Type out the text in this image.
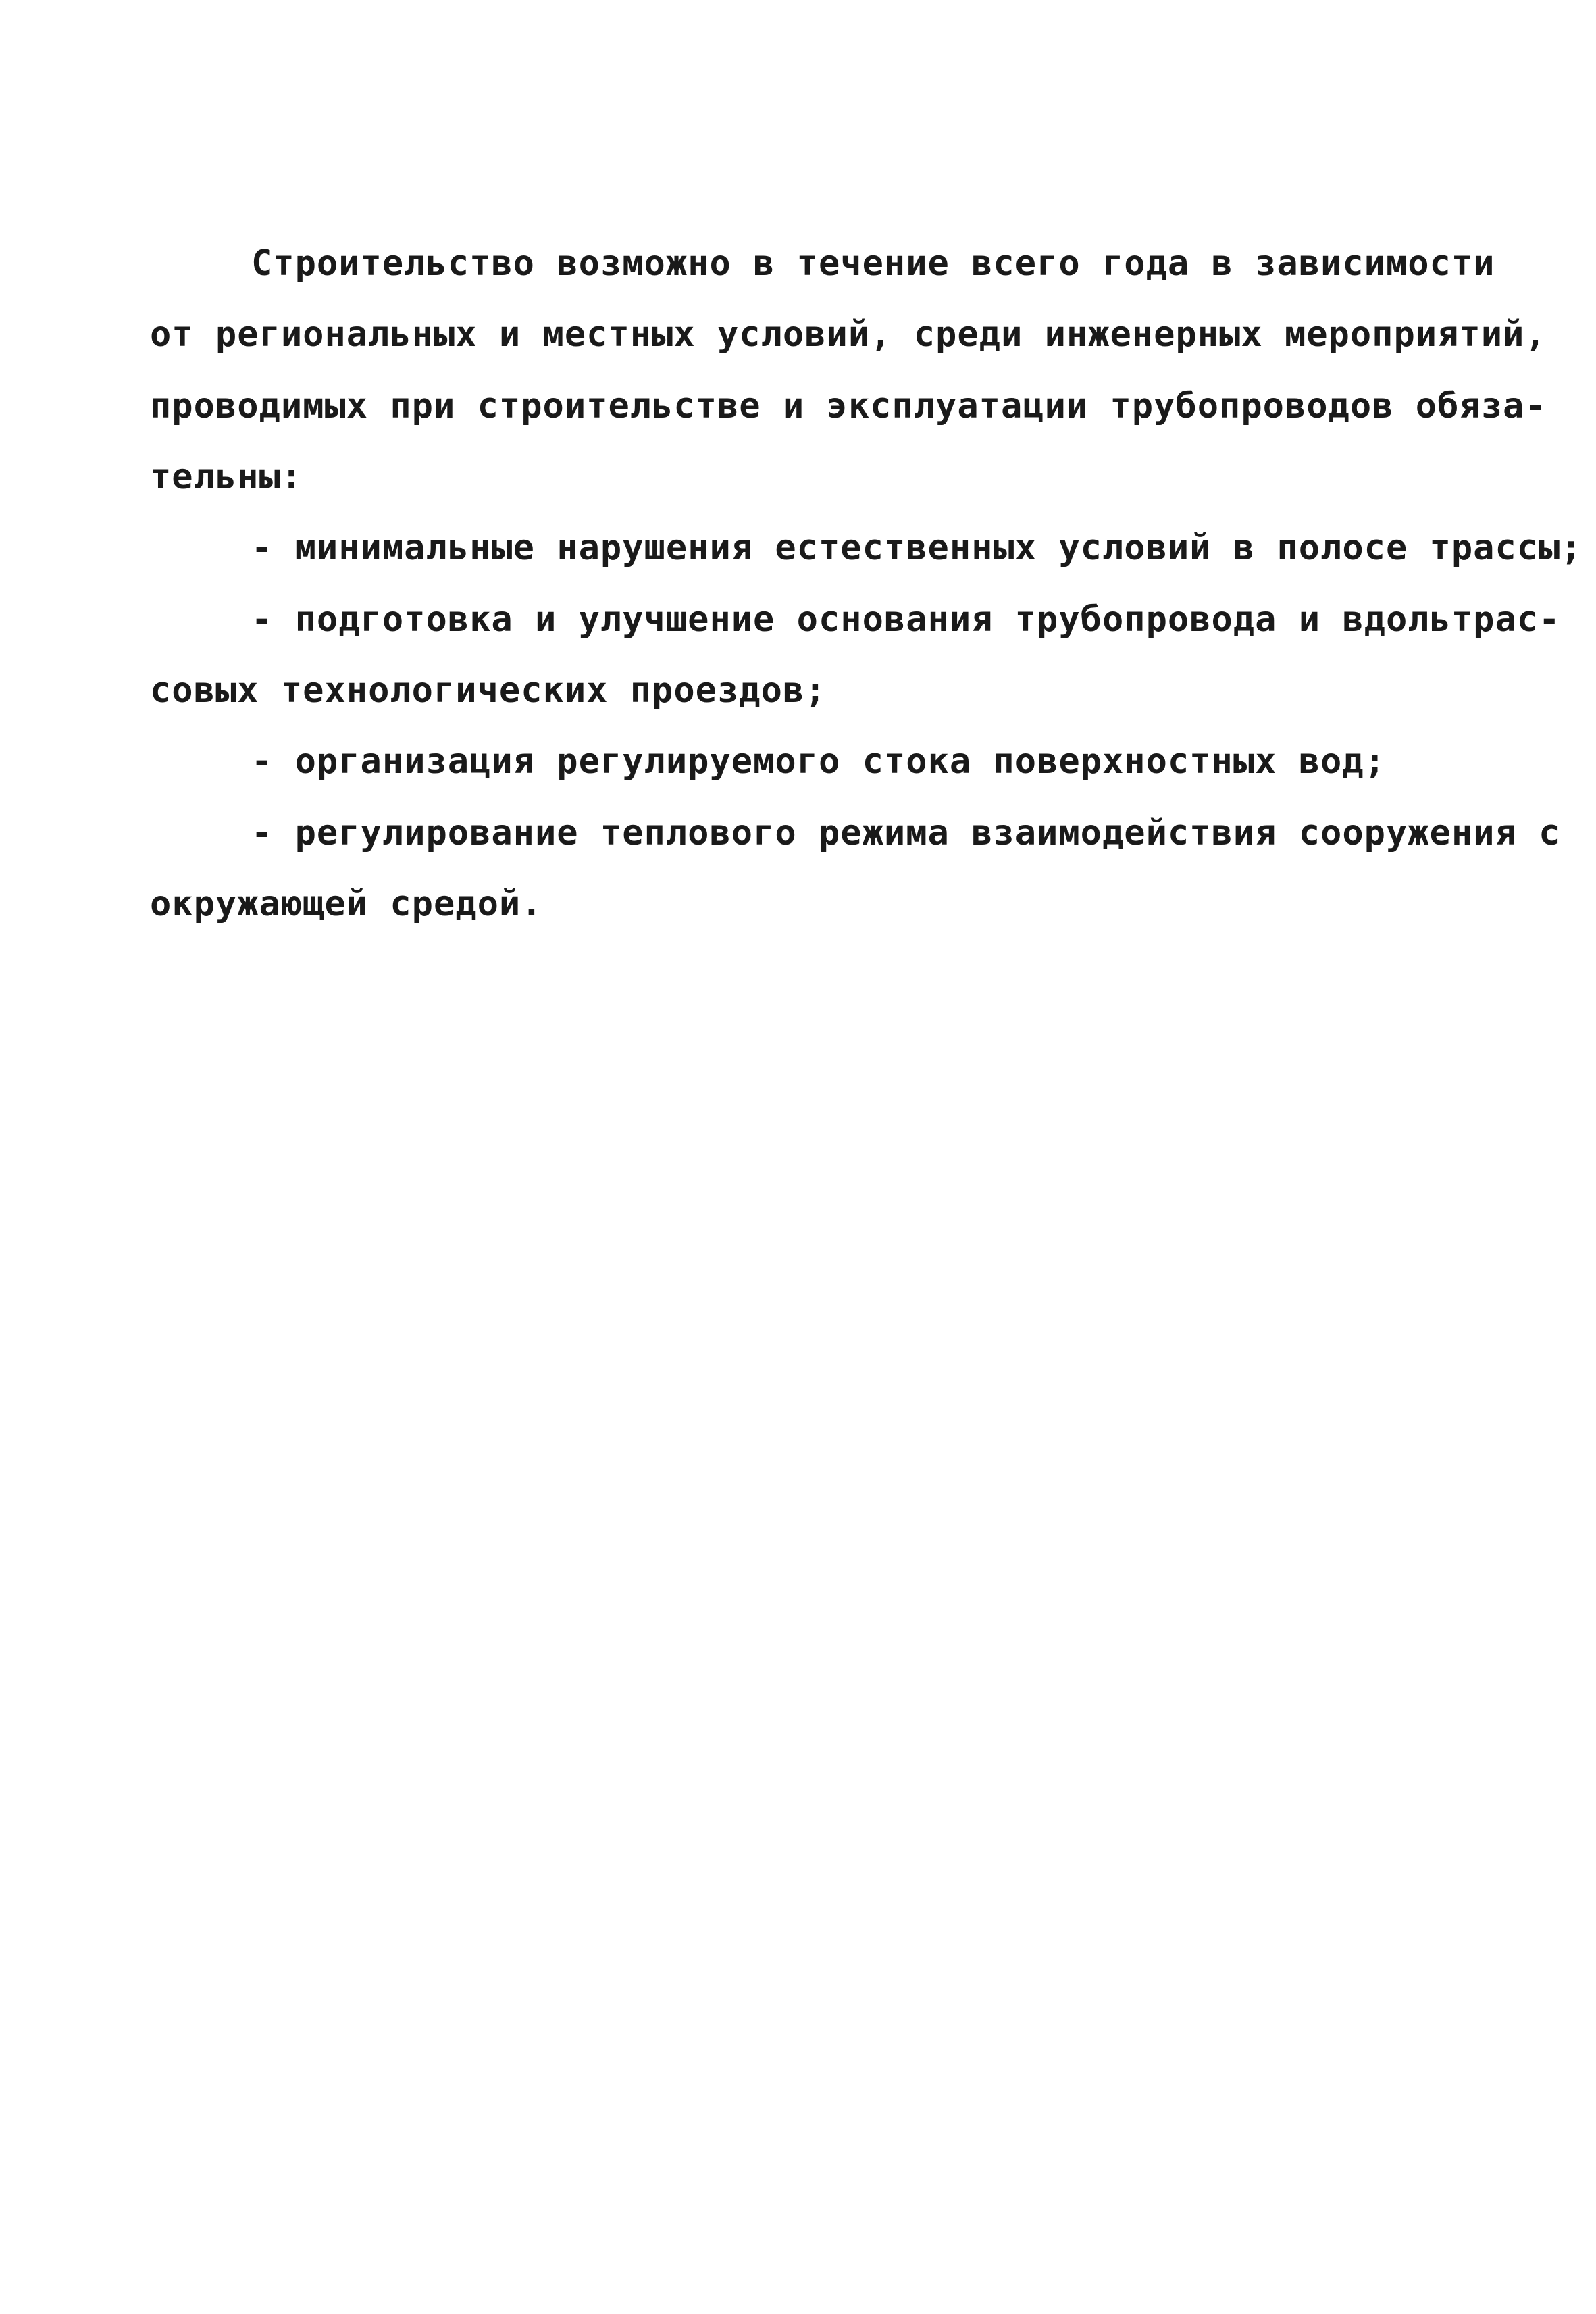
Строительство возможно в течение всего года в зависимости
от региональных и местных условий, среди инженерных мероприятий,
проводимых при строительстве и эксплуатации трубопроводов обяза-
тельны:
- минимальные нарушения естественных условий в полосе трассы;
- подготовка и улучшение основания трубопровода и вдольтрас-
совых технологических проездов;
- организация регулируемого стока поверхностных вод;
- регулирование теплового режима взаимодействия сооружения с
окружающей средой.
